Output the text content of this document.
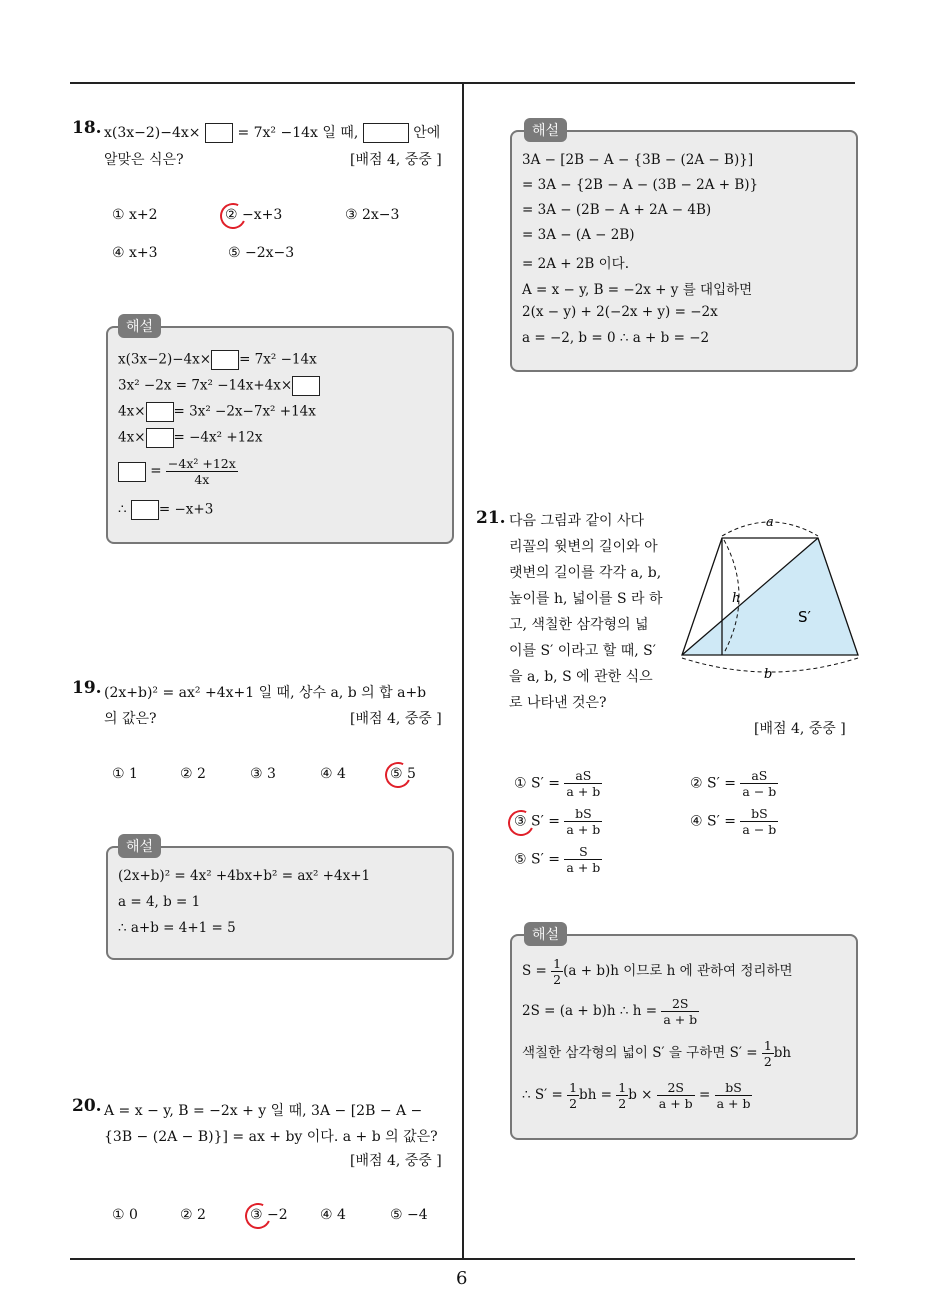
6
18. x(3x−2)−4x×	= 7x² −14x 일 때,	안에
알맞은 식은?	[배점 4, 중중 ]
① x+2	② −x+3	③ 2x−3
④ x+3	⑤ −2x−3
해설
x(3x−2)−4x× = 7x² −14x
3x² −2x = 7x² −14x+4x×
4x× = 3x² −2x−7x² +14x
4x× = −4x² +12x
= $\frac{\text{−4x² +12x}}{4x}$
∴ = −x+3
19. (2x+b)² = ax² +4x+1 일 때, 상수 a, b 의 합 a+b
의 값은?	[배점 4, 중중 ]
① 1	② 2	③ 3	④ 4	⑤ 5
해설
(2x+b)² = 4x² +4bx+b² = ax² +4x+1
a = 4, b = 1
∴ a+b = 4+1 = 5
20. A = x − y, B = −2x + y 일 때, 3A − [2B − A −
{3B − (2A − B)}] = ax + by 이다. a + b 의 값은?
[배점 4, 중중 ]
① 0	② 2	③ −2 ④ 4	⑤ −4
해설
3A − [2B − A − {3B − (2A − B)}]
= 3A − {2B − A − (3B − 2A + B)}
= 3A − (2B − A + 2A − 4B)
= 3A − (A − 2B)
= 2A + 2B 이다.
A = x − y, B = −2x + y 를 대입하면
2(x − y) + 2(−2x + y) = −2x
a = −2, b = 0 ∴ a + b = −2
21. 다음 그림과 같이 사다
리꼴의 윗변의 길이와 아
랫변의 길이를 각각 a, b,
높이를 h, 넓이를 S 라 하
고, 색칠한 삼각형의 넓
이를 S′ 이라고 할 때, S′
을 a, b, S 에 관한 식으
로 나타낸 것은?
[배점 4, 중중 ]
a
b
h
S′
① $S' = \frac{aS}{a + b}$	② $S' = \frac{aS}{a - b}$
③ $S' = \frac{bS}{a + b}$	④ $S' = \frac{bS}{a - b}$
⑤ $S' = \frac{S}{a + b}$
해설
$S = \frac{1}{2} (a + b)h$ 이므로 h 에 관하여 정리하면
2S = (a + b)h ∴ $h = \frac{2S}{a + b}$
색칠한 삼각형의 넓이 S′ 을 구하면 $S' = \frac{1}{2}$ bh
∴ $S' = \frac{1}{2}$ bh = $\frac{1}{2}$ $b \times \frac{2S}{a + b} = \frac{bS}{a + b}$
